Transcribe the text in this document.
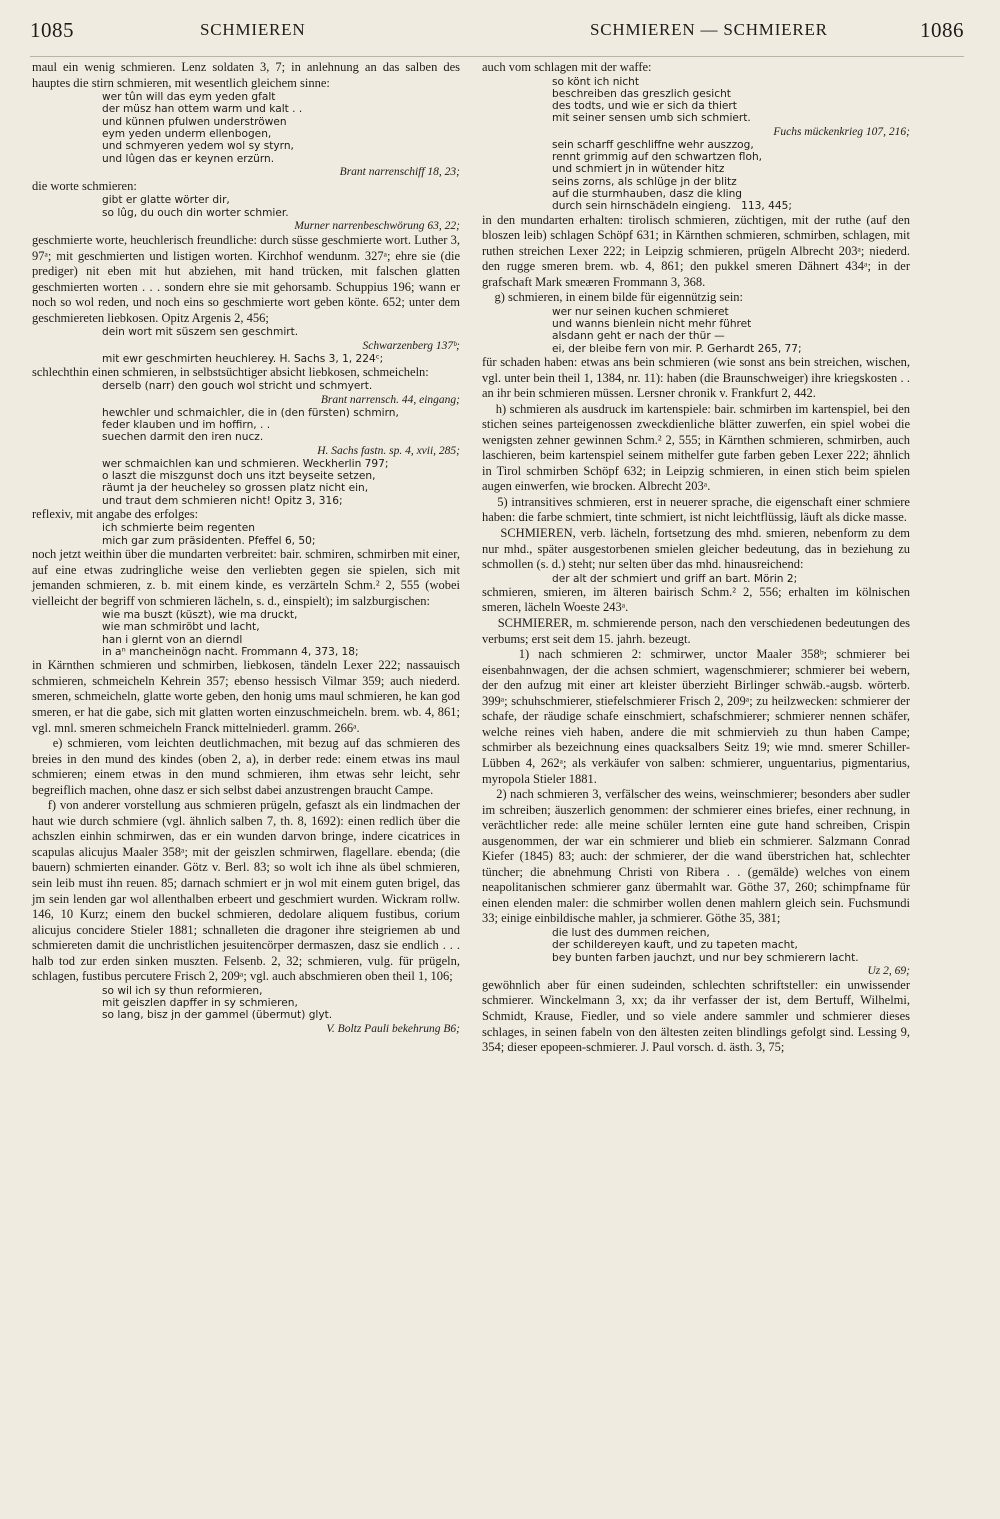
1085	SCHMIEREN	SCHMIEREN — SCHMIERER	1086
maul ein wenig schmieren. Lenz soldaten 3, 7; in anlehnung an das salben des hauptes die stirn schmieren, mit wesentlich gleichem sinne:
wer tûn will das eym yeden gfalt
der müsz han ottem warm und kalt . .
und künnen pfulwen underströwen
eym yeden underm ellenbogen,
und schmyeren yedem wol sy styrn,
und lûgen das er keynen erzürn.
Brant narrenschiff 18, 23;
die worte schmieren:
gibt er glatte wörter dir,
so lûg, du ouch din worter schmier.
Murner narrenbeschwörung 63, 22;
geschmierte worte, heuchlerisch freundliche: durch süsse geschmierte wort. Luther 3, 97ᵃ; mit geschmierten und listigen worten. Kirchhof wendunm. 327ᵃ; ehre sie (die prediger) nit eben mit hut abziehen, mit hand trücken, mit falschen glatten geschmierten worten . . . sondern ehre sie mit gehorsamb. Schuppius 196; wann er noch so wol reden, und noch eins so geschmierte wort geben könte. 652; unter dem geschmiereten liebkosen. Opitz Argenis 2, 456;
dein wort mit süszem sen geschmirt.
Schwarzenberg 137ᵇ;
mit ewr geschmirten heuchlerey. H. Sachs 3, 1, 224ᶜ;
schlechthin einen schmieren, in selbstsüchtiger absicht liebkosen, schmeicheln:
derselb (narr) den gouch wol stricht und schmyert.
Brant narrensch. 44, eingang;
hewchler und schmaichler, die in (den fürsten) schmirn,
feder klauben und im hoffirn, . .
suechen darmit den iren nucz.
H. Sachs fastn. sp. 4, xvii, 285;
wer schmaichlen kan und schmieren. Weckherlin 797;
o laszt die miszgunst doch uns itzt beyseite setzen,
räumt ja der heucheley so grossen platz nicht ein,
und traut dem schmieren nicht! Opitz 3, 316;
reflexiv, mit angabe des erfolges:
ich schmierte beim regenten
mich gar zum präsidenten. Pfeffel 6, 50;
noch jetzt weithin über die mundarten verbreitet: bair. schmiren, schmirben mit einer, auf eine etwas zudringliche weise den verliebten gegen sie spielen, sich mit jemanden schmieren, z. b. mit einem kinde, es verzärteln Schm.² 2, 555 (wobei vielleicht der begriff von schmieren lächeln, s. d., einspielt); im salzburgischen:
wie ma buszt (küszt), wie ma druckt,
wie man schmiröbt und lacht,
han i glernt von an dierndl
in aⁿ mancheinögn nacht. Frommann 4, 373, 18;
in Kärnthen schmieren und schmirben, liebkosen, tändeln Lexer 222; nassauisch schmieren, schmeicheln Kehrein 357; ebenso hessisch Vilmar 359; auch niederd. smeren, schmeicheln, glatte worte geben, den honig ums maul schmieren, he kan god smeren, er hat die gabe, sich mit glatten worten einzuschmeicheln. brem. wb. 4, 861; vgl. mnl. smeren schmeicheln Franck mittelniederl. gramm. 266ᵃ.
e) schmieren, vom leichten deutlichmachen, mit bezug auf das schmieren des breies in den mund des kindes (oben 2, a), in derber rede: einem etwas ins maul schmieren; einem etwas in den mund schmieren, ihm etwas sehr leicht, sehr begreiflich machen, ohne dasz er sich selbst dabei anzustrengen braucht Campe.
f) von anderer vorstellung aus schmieren prügeln, gefaszt als ein lindmachen der haut wie durch schmiere (vgl. ähnlich salben 7, th. 8, 1692): einen redlich über die achszlen einhin schmirwen, das er ein wunden darvon bringe, indere cicatrices in scapulas alicujus Maaler 358ᵃ; mit der geiszlen schmirwen, flagellare. ebenda; (die bauern) schmierten einander. Götz v. Berl. 83; so wolt ich ihne als übel schmieren, sein leib must ihn reuen. 85; darnach schmiert er jn wol mit einem guten brigel, das jm sein lenden gar wol allenthalben erbeert und geschmiert wurden. Wickram rollw. 146, 10 Kurz; einem den buckel schmieren, dedolare aliquem fustibus, corium alicujus concidere Stieler 1881; schnalleten die dragoner ihre steigriemen ab und schmiereten damit die unchristlichen jesuitencörper dermaszen, dasz sie endlich . . . halb tod zur erden sinken muszten. Felsenb. 2, 32; schmieren, vulg. für prügeln, schlagen, fustibus percutere Frisch 2, 209ᵃ; vgl. auch abschmieren oben theil 1, 106;
so wil ich sy thun reformieren,
mit geiszlen dapffer in sy schmieren,
so lang, bisz jn der gammel (übermut) glyt.
V. Boltz Pauli bekehrung B6;
auch vom schlagen mit der waffe:
so könt ich nicht
beschreiben das greszlich gesicht
des todts, und wie er sich da thiert
mit seiner sensen umb sich schmiert.
Fuchs mückenkrieg 107, 216;
sein scharff geschliffne wehr auszzog,
rennt grimmig auf den schwartzen floh,
und schmiert jn in wütender hitz
seins zorns, als schlüge jn der blitz
auf die sturmhauben, dasz die kling
durch sein hirnschädeln eingieng.   113, 445;
in den mundarten erhalten: tirolisch schmieren, züchtigen, mit der ruthe (auf den bloszen leib) schlagen Schöpf 631; in Kärnthen schmieren, schmirben, schlagen, mit ruthen streichen Lexer 222; in Leipzig schmieren, prügeln Albrecht 203ᵃ; niederd. den rugge smeren brem. wb. 4, 861; den pukkel smeren Dähnert 434ᵃ; in der grafschaft Mark smeæren Frommann 3, 368.
g) schmieren, in einem bilde für eigennützig sein:
wer nur seinen kuchen schmieret
und wanns bienlein nicht mehr führet
alsdann geht er nach der thür —
ei, der bleibe fern von mir. P. Gerhardt 265, 77;
für schaden haben: etwas ans bein schmieren (wie sonst ans bein streichen, wischen, vgl. unter bein theil 1, 1384, nr. 11): haben (die Braunschweiger) ihre kriegskosten . . an ihr bein schmieren müssen. Lersner chronik v. Frankfurt 2, 442.
h) schmieren als ausdruck im kartenspiele: bair. schmirben im kartenspiel, bei den stichen seines parteigenossen zweckdienliche blätter zuwerfen, ein spiel wobei die wenigsten zehner gewinnen Schm.² 2, 555; in Kärnthen schmieren, schmirben, auch laschieren, beim kartenspiel seinem mithelfer gute farben geben Lexer 222; ähnlich in Tirol schmirben Schöpf 632; in Leipzig schmieren, in einen stich beim spielen augen einwerfen, wie brocken. Albrecht 203ᵃ.
5) intransitives schmieren, erst in neuerer sprache, die eigenschaft einer schmiere haben: die farbe schmiert, tinte schmiert, ist nicht leichtflüssig, läuft als dicke masse.
SCHMIEREN, verb. lächeln, fortsetzung des mhd. smieren, nebenform zu dem nur mhd., später ausgestorbenen smielen gleicher bedeutung, das in beziehung zu schmollen (s. d.) steht; nur selten über das mhd. hinausreichend:
der alt der schmiert und griff an bart. Mörin 2;
schmieren, smieren, im älteren bairisch Schm.² 2, 556; erhalten im kölnischen smeren, lächeln Woeste 243ᵃ.
SCHMIERER, m. schmierende person, nach den verschiedenen bedeutungen des verbums; erst seit dem 15. jahrh. bezeugt.
1) nach schmieren 2: schmirwer, unctor Maaler 358ᵇ; schmierer bei eisenbahnwagen, der die achsen schmiert, wagenschmierer; schmierer bei webern, der den aufzug mit einer art kleister überzieht Birlinger schwäb.-augsb. wörterb. 399ᵃ; schuhschmierer, stiefelschmierer Frisch 2, 209ᵃ; zu heilzwecken: schmierer der schafe, der räudige schafe einschmiert, schafschmierer; schmierer nennen schäfer, welche reines vieh haben, andere die mit schmiervieh zu thun haben Campe; schmirber als bezeichnung eines quacksalbers Seitz 19; wie mnd. smerer Schiller-Lübben 4, 262ᵃ; als verkäufer von salben: schmierer, unguentarius, pigmentarius, myropola Stieler 1881.
2) nach schmieren 3, verfälscher des weins, weinschmierer; besonders aber sudler im schreiben; äuszerlich genommen: der schmierer eines briefes, einer rechnung, in verächtlicher rede: alle meine schüler lernten eine gute hand schreiben, Crispin ausgenommen, der war ein schmierer und blieb ein schmierer. Salzmann Conrad Kiefer (1845) 83; auch: der schmierer, der die wand überstrichen hat, schlechter tüncher; die abnehmung Christi von Ribera . . (gemälde) welches von einem neapolitanischen schmierer ganz übermahlt war. Göthe 37, 260; schimpfname für einen elenden maler: die schmirber wollen denen mahlern gleich sein. Fuchsmundi 33; einige einbildische mahler, ja schmierer. Göthe 35, 381;
die lust des dummen reichen,
der schildereyen kauft, und zu tapeten macht,
bey bunten farben jauchzt, und nur bey schmierern lacht.
Uz 2, 69;
gewöhnlich aber für einen sudeinden, schlechten schriftsteller: ein unwissender schmierer. Winckelmann 3, xx; da ihr verfasser der ist, dem Bertuff, Wilhelmi, Schmidt, Krause, Fiedler, und so viele andere sammler und schmierer dieses schlages, in seinen fabeln von den ältesten zeiten blindlings gefolgt sind. Lessing 9, 354; dieser epopeen-schmierer. J. Paul vorsch. d. ästh. 3, 75;
